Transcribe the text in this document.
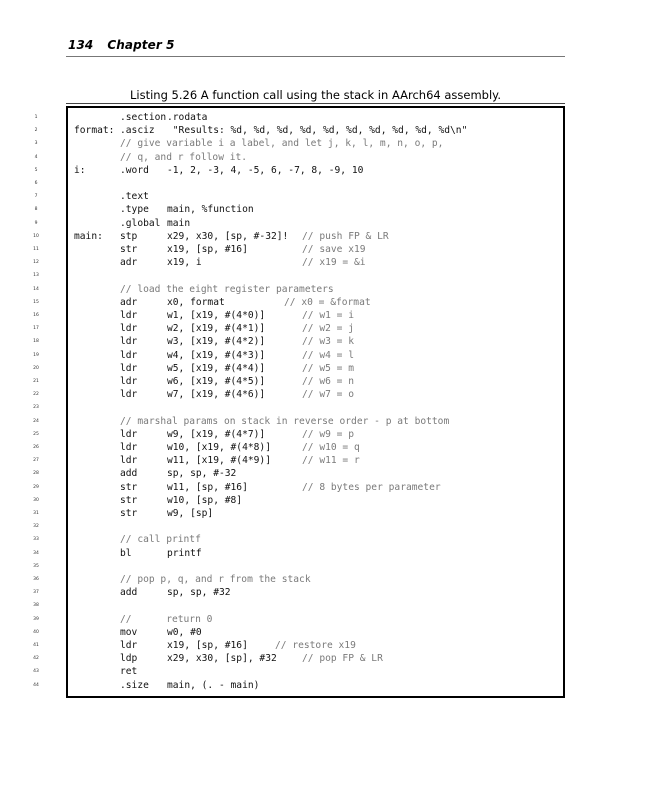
134 Chapter 5
Listing 5.26 A function call using the stack in AArch64 assembly.
1	.section .rodata
2	format: .asciz "Results: %d, %d, %d, %d, %d, %d, %d, %d, %d, %d\n"
3	// give variable i a label, and let j, k, l, m, n, o, p,
4	// q, and r follow it.
5	i:	.word -1, 2, -3, 4, -5, 6, -7, 8, -9, 10
6
7	.text
8	.type main, %function
9	.global main
10	main: stp	x29, x30, [sp, #-32]! // push FP & LR
11	str	x19, [sp, #16]	// save x19
12	adr	x19, i	// x19 = &i
13
14	// load the eight register parameters
15	adr	x0, format	// x0 = &format
16	ldr	w1, [x19, #(4*0)]	// w1 = i
17	ldr	w2, [x19, #(4*1)]	// w2 = j
18	ldr	w3, [x19, #(4*2)]	// w3 = k
19	ldr	w4, [x19, #(4*3)]	// w4 = l
20	ldr	w5, [x19, #(4*4)]	// w5 = m
21	ldr	w6, [x19, #(4*5)]	// w6 = n
22	ldr	w7, [x19, #(4*6)]	// w7 = o
23
24	// marshal params on stack in reverse order - p at bottom
25	ldr	w9, [x19, #(4*7)]	// w9 = p
26	ldr	w10, [x19, #(4*8)]	// w10 = q
27	ldr	w11, [x19, #(4*9)]	// w11 = r
28	add	sp, sp, #-32
29	str	w11, [sp, #16]	// 8 bytes per parameter
30	str	w10, [sp, #8]
31	str	w9, [sp]
32
33	// call printf
34	bl	printf
35
36	// pop p, q, and r from the stack
37	add	sp, sp, #32
38
39	//      return 0
40	mov	w0, #0
41	ldr	x19, [sp, #16]	// restore x19
42	ldp	x29, x30, [sp], #32	// pop FP & LR
43	ret
44	.size main, (. - main)
